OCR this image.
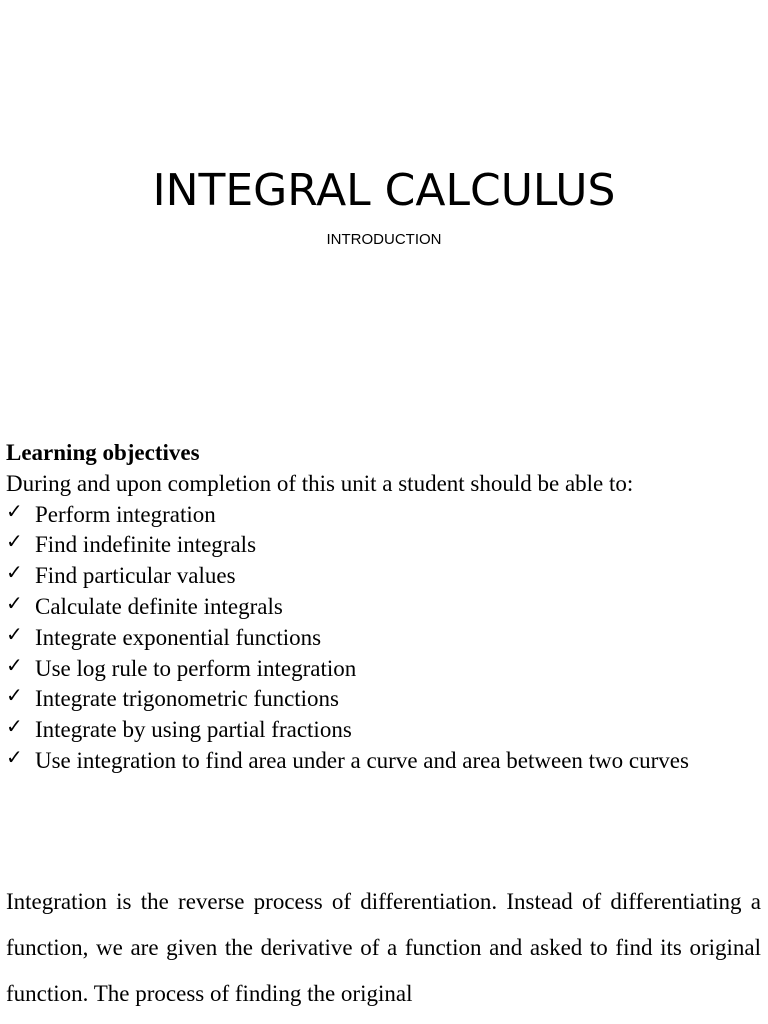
INTEGRAL CALCULUS
INTRODUCTION
Learning objectives
During and upon completion of this unit a student should be able to:
✓ Perform integration
✓ Find indefinite integrals
✓ Find particular values
✓ Calculate definite integrals
✓ Integrate exponential functions
✓ Use log rule to perform integration
✓ Integrate trigonometric functions
✓ Integrate by using partial fractions
✓ Use integration to find area under a curve and area between two curves

Integration is the reverse process of differentiation. Instead of differentiating a function, we are given the derivative of a function and asked to find its original function. The process of finding the original
